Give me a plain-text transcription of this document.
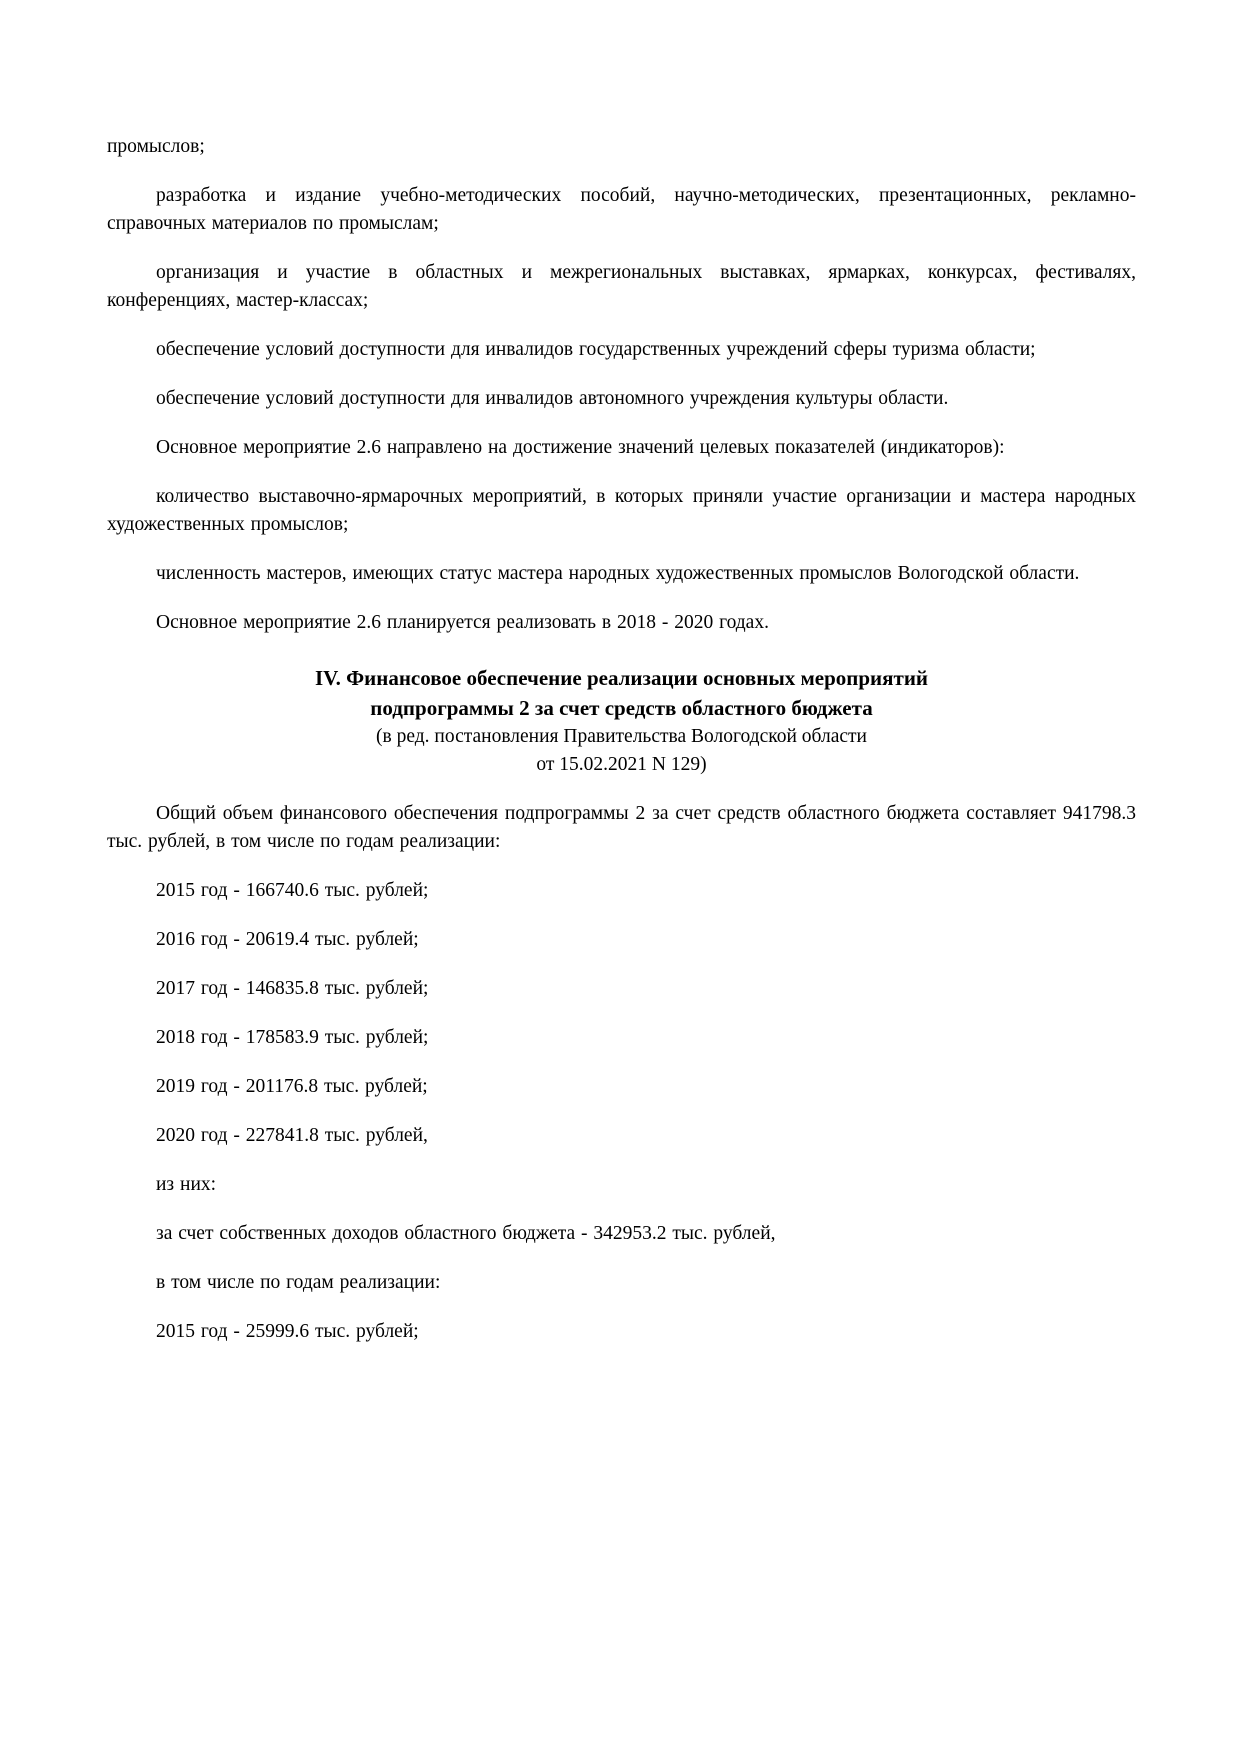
промыслов;

разработка и издание учебно-методических пособий, научно-методических, презентационных, рекламно-справочных материалов по промыслам;

организация и участие в областных и межрегиональных выставках, ярмарках, конкурсах, фестивалях, конференциях, мастер-классах;

обеспечение условий доступности для инвалидов государственных учреждений сферы туризма области;

обеспечение условий доступности для инвалидов автономного учреждения культуры области.

Основное мероприятие 2.6 направлено на достижение значений целевых показателей (индикаторов):

количество выставочно-ярмарочных мероприятий, в которых приняли участие организации и мастера народных художественных промыслов;

численность мастеров, имеющих статус мастера народных художественных промыслов Вологодской области.

Основное мероприятие 2.6 планируется реализовать в 2018 - 2020 годах.

IV. Финансовое обеспечение реализации основных мероприятий
подпрограммы 2 за счет средств областного бюджета
(в ред. постановления Правительства Вологодской области
от 15.02.2021 N 129)

Общий объем финансового обеспечения подпрограммы 2 за счет средств областного бюджета составляет 941798.3 тыс. рублей, в том числе по годам реализации:

2015 год - 166740.6 тыс. рублей;

2016 год - 20619.4 тыс. рублей;

2017 год - 146835.8 тыс. рублей;

2018 год - 178583.9 тыс. рублей;

2019 год - 201176.8 тыс. рублей;

2020 год - 227841.8 тыс. рублей,

из них:

за счет собственных доходов областного бюджета - 342953.2 тыс. рублей,

в том числе по годам реализации:

2015 год - 25999.6 тыс. рублей;
